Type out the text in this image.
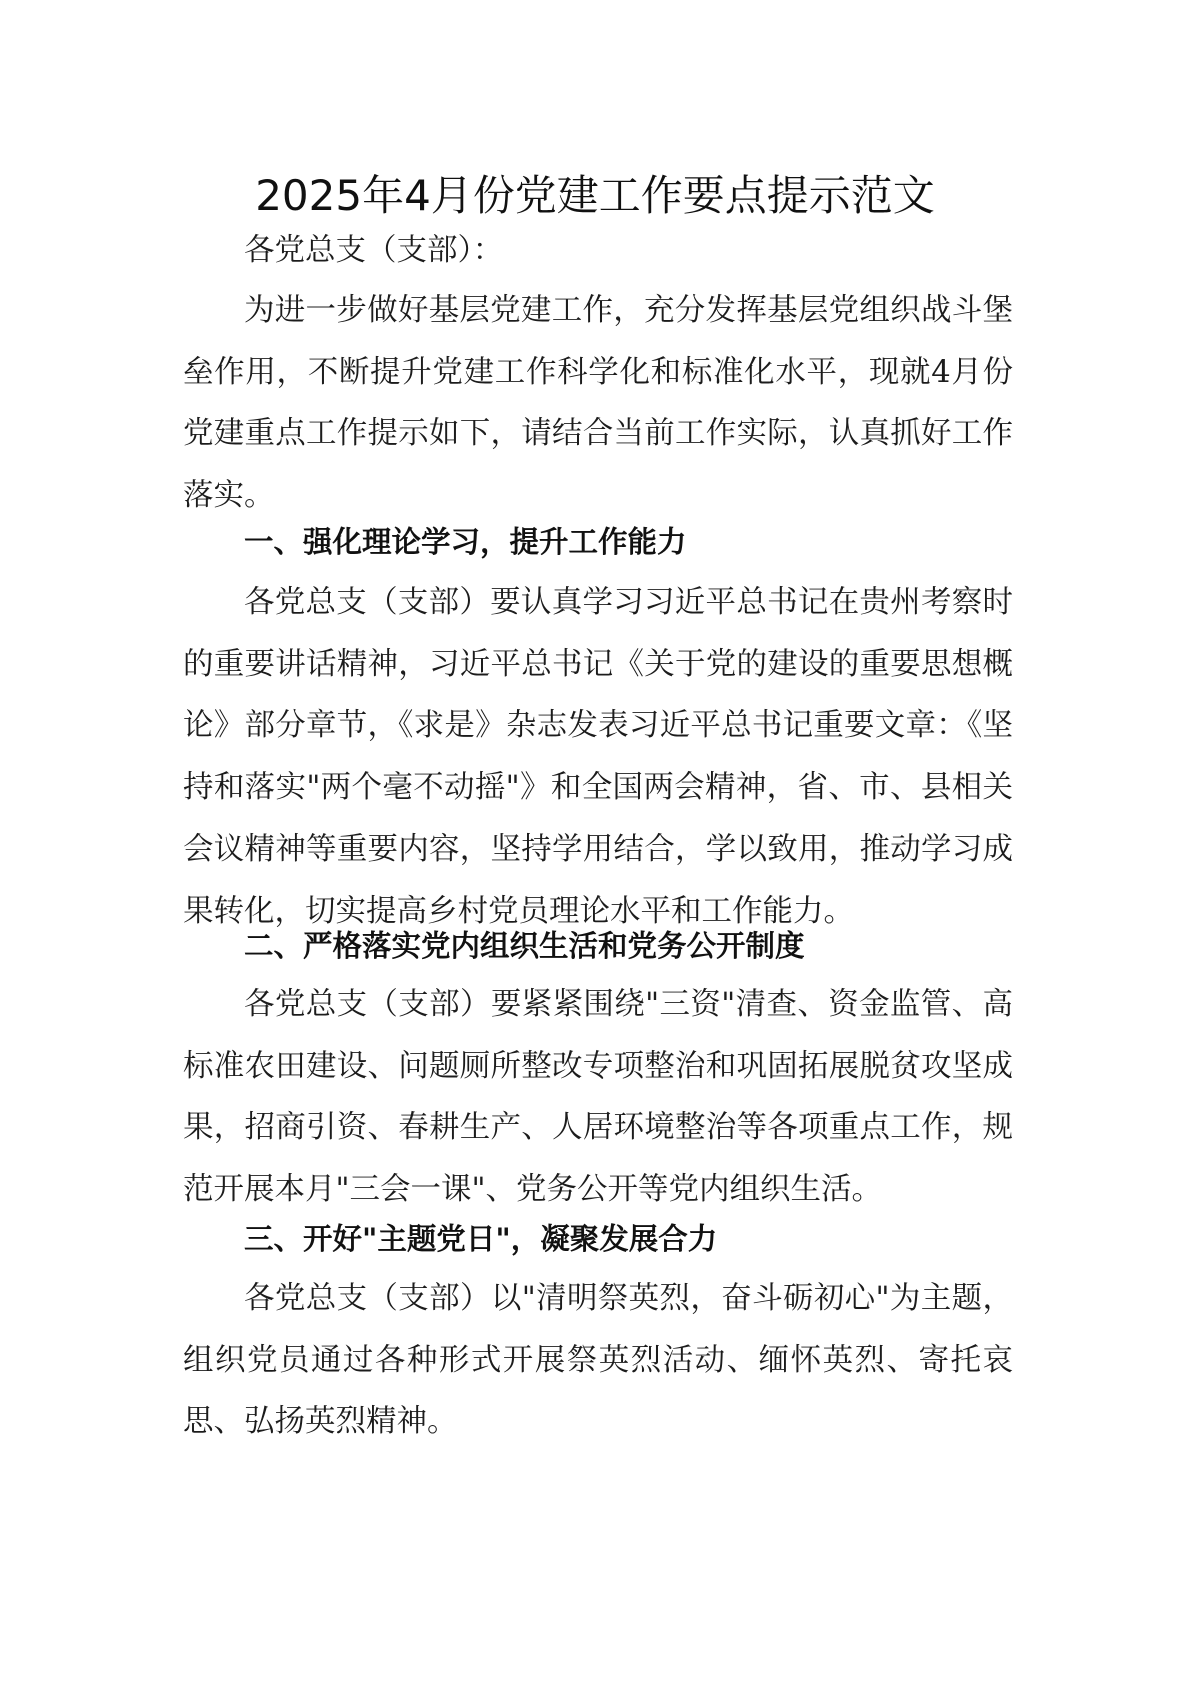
2025年4月份党建工作要点提示范文

各党总支（支部）：

为进一步做好基层党建工作，充分发挥基层党组织战斗堡垒作用，不断提升党建工作科学化和标准化水平，现就4月份党建重点工作提示如下，请结合当前工作实际，认真抓好工作落实。

一、强化理论学习，提升工作能力

各党总支（支部）要认真学习习近平总书记在贵州考察时的重要讲话精神，习近平总书记《关于党的建设的重要思想概论》部分章节，《求是》杂志发表习近平总书记重要文章：《坚持和落实"两个毫不动摇"》和全国两会精神，省、市、县相关会议精神等重要内容，坚持学用结合，学以致用，推动学习成果转化，切实提高乡村党员理论水平和工作能力。

二、严格落实党内组织生活和党务公开制度

各党总支（支部）要紧紧围绕"三资"清查、资金监管、高标准农田建设、问题厕所整改专项整治和巩固拓展脱贫攻坚成果，招商引资、春耕生产、人居环境整治等各项重点工作，规范开展本月"三会一课"、党务公开等党内组织生活。

三、开好"主题党日"，凝聚发展合力

各党总支（支部）以"清明祭英烈，奋斗砺初心"为主题，组织党员通过各种形式开展祭英烈活动、缅怀英烈、寄托哀思、弘扬英烈精神。
